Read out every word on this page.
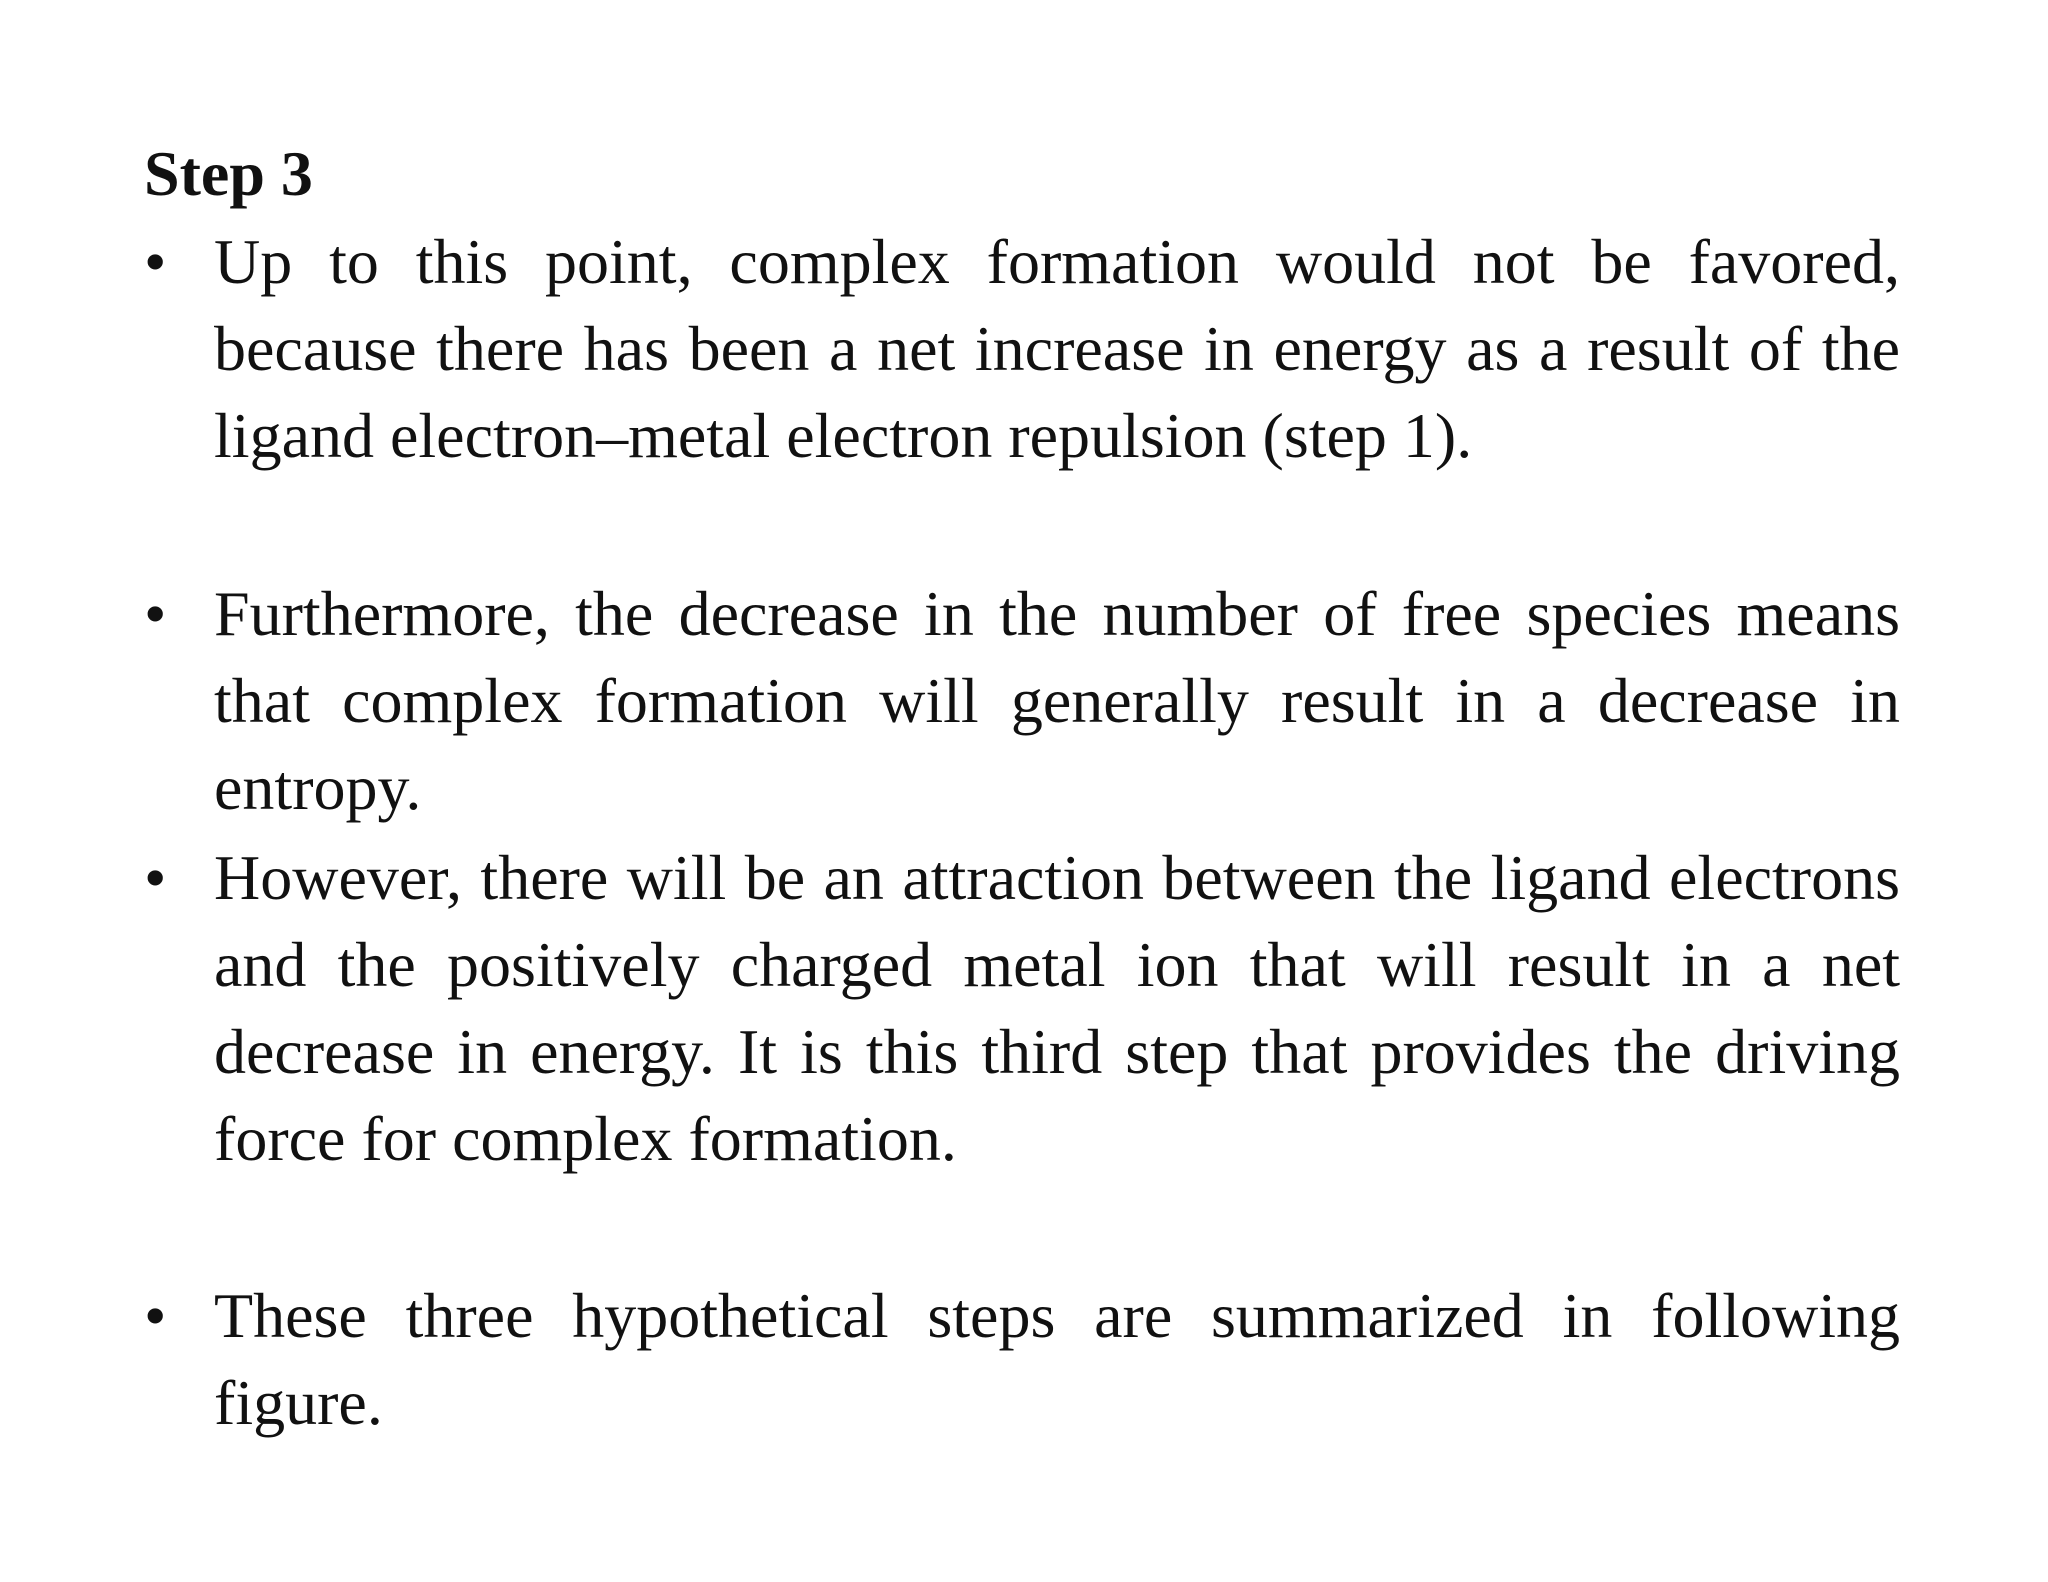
Step 3
• Up to this point, complex formation would not be favored, because there has been a net increase in energy as a result of the ligand electron–metal electron repulsion (step 1).
• Furthermore, the decrease in the number of free species means that complex formation will generally result in a decrease in entropy.
• However, there will be an attraction between the ligand electrons and the positively charged metal ion that will result in a net decrease in energy. It is this third step that provides the driving force for complex formation.
• These three hypothetical steps are summarized in following figure.
